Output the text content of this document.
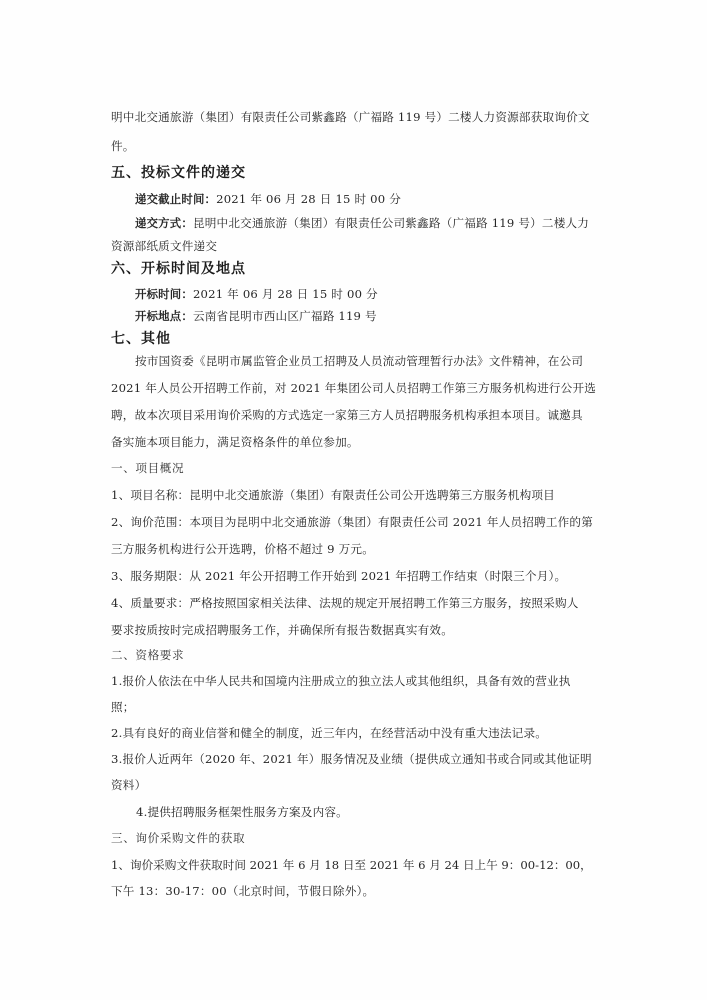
明中北交通旅游（集团）有限责任公司紫鑫路（广福路 119 号）二楼人力资源部获取询价文
件。
五、投标文件的递交
递交截止时间：2021 年 06 月 28 日 15 时 00 分
递交方式：昆明中北交通旅游（集团）有限责任公司紫鑫路（广福路 119 号）二楼人力
资源部纸质文件递交
六、开标时间及地点
开标时间：2021 年 06 月 28 日 15 时 00 分
开标地点：云南省昆明市西山区广福路 119 号
七、其他
按市国资委《昆明市属监管企业员工招聘及人员流动管理暂行办法》文件精神，在公司
2021 年人员公开招聘工作前，对 2021 年集团公司人员招聘工作第三方服务机构进行公开选
聘，故本次项目采用询价采购的方式选定一家第三方人员招聘服务机构承担本项目。诚邀具
备实施本项目能力，满足资格条件的单位参加。
一、项目概况
1、项目名称：昆明中北交通旅游（集团）有限责任公司公开选聘第三方服务机构项目
2、询价范围：本项目为昆明中北交通旅游（集团）有限责任公司 2021 年人员招聘工作的第
三方服务机构进行公开选聘，价格不超过 9 万元。
3、服务期限：从 2021 年公开招聘工作开始到 2021 年招聘工作结束（时限三个月）。
4、质量要求：严格按照国家相关法律、法规的规定开展招聘工作第三方服务，按照采购人
要求按质按时完成招聘服务工作，并确保所有报告数据真实有效。
二、资格要求
1.报价人依法在中华人民共和国境内注册成立的独立法人或其他组织，具备有效的营业执
照；
2.具有良好的商业信誉和健全的制度，近三年内，在经营活动中没有重大违法记录。
3.报价人近两年（2020 年、2021 年）服务情况及业绩（提供成立通知书或合同或其他证明
资料）
4.提供招聘服务框架性服务方案及内容。
三、询价采购文件的获取
1、询价采购文件获取时间 2021 年 6 月 18 日至 2021 年 6 月 24 日上午 9：00-12：00，
下午 13：30-17：00（北京时间，节假日除外）。
